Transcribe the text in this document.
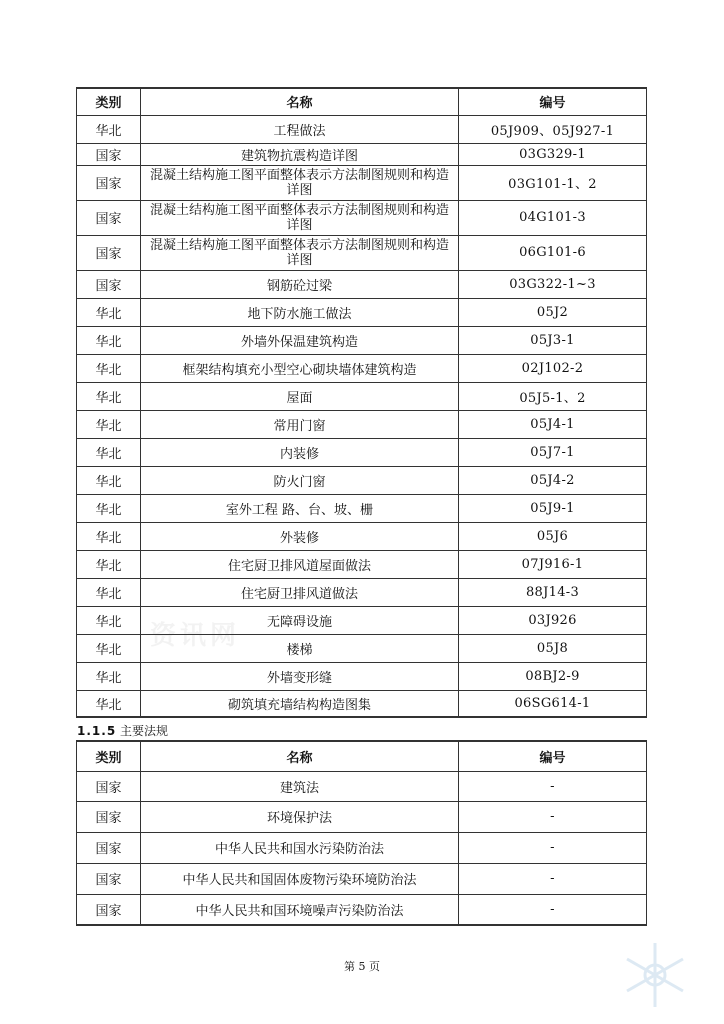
资讯网
类别	名称	编号
华北	工程做法	05J909、05J927-1
国家	建筑物抗震构造详图	03G329-1
国家	混凝土结构施工图平面整体表示方法制图规则和构造详图	03G101-1、2
国家	混凝土结构施工图平面整体表示方法制图规则和构造详图	04G101-3
国家	混凝土结构施工图平面整体表示方法制图规则和构造详图	06G101-6
国家	钢筋砼过梁	03G322-1~3
华北	地下防水施工做法	05J2
华北	外墙外保温建筑构造	05J3-1
华北	框架结构填充小型空心砌块墙体建筑构造	02J102-2
华北	屋面	05J5-1、2
华北	常用门窗	05J4-1
华北	内装修	05J7-1
华北	防火门窗	05J4-2
华北	室外工程 路、台、坡、栅	05J9-1
华北	外装修	05J6
华北	住宅厨卫排风道屋面做法	07J916-1
华北	住宅厨卫排风道做法	88J14-3
华北	无障碍设施	03J926
华北	楼梯	05J8
华北	外墙变形缝	08BJ2-9
华北	砌筑填充墙结构构造图集	06SG614-1
1.1.5 主要法规
类别	名称	编号
国家	建筑法	-
国家	环境保护法	-
国家	中华人民共和国水污染防治法	-
国家	中华人民共和国固体废物污染环境防治法	-
国家	中华人民共和国环境噪声污染防治法	-
第 5 页
